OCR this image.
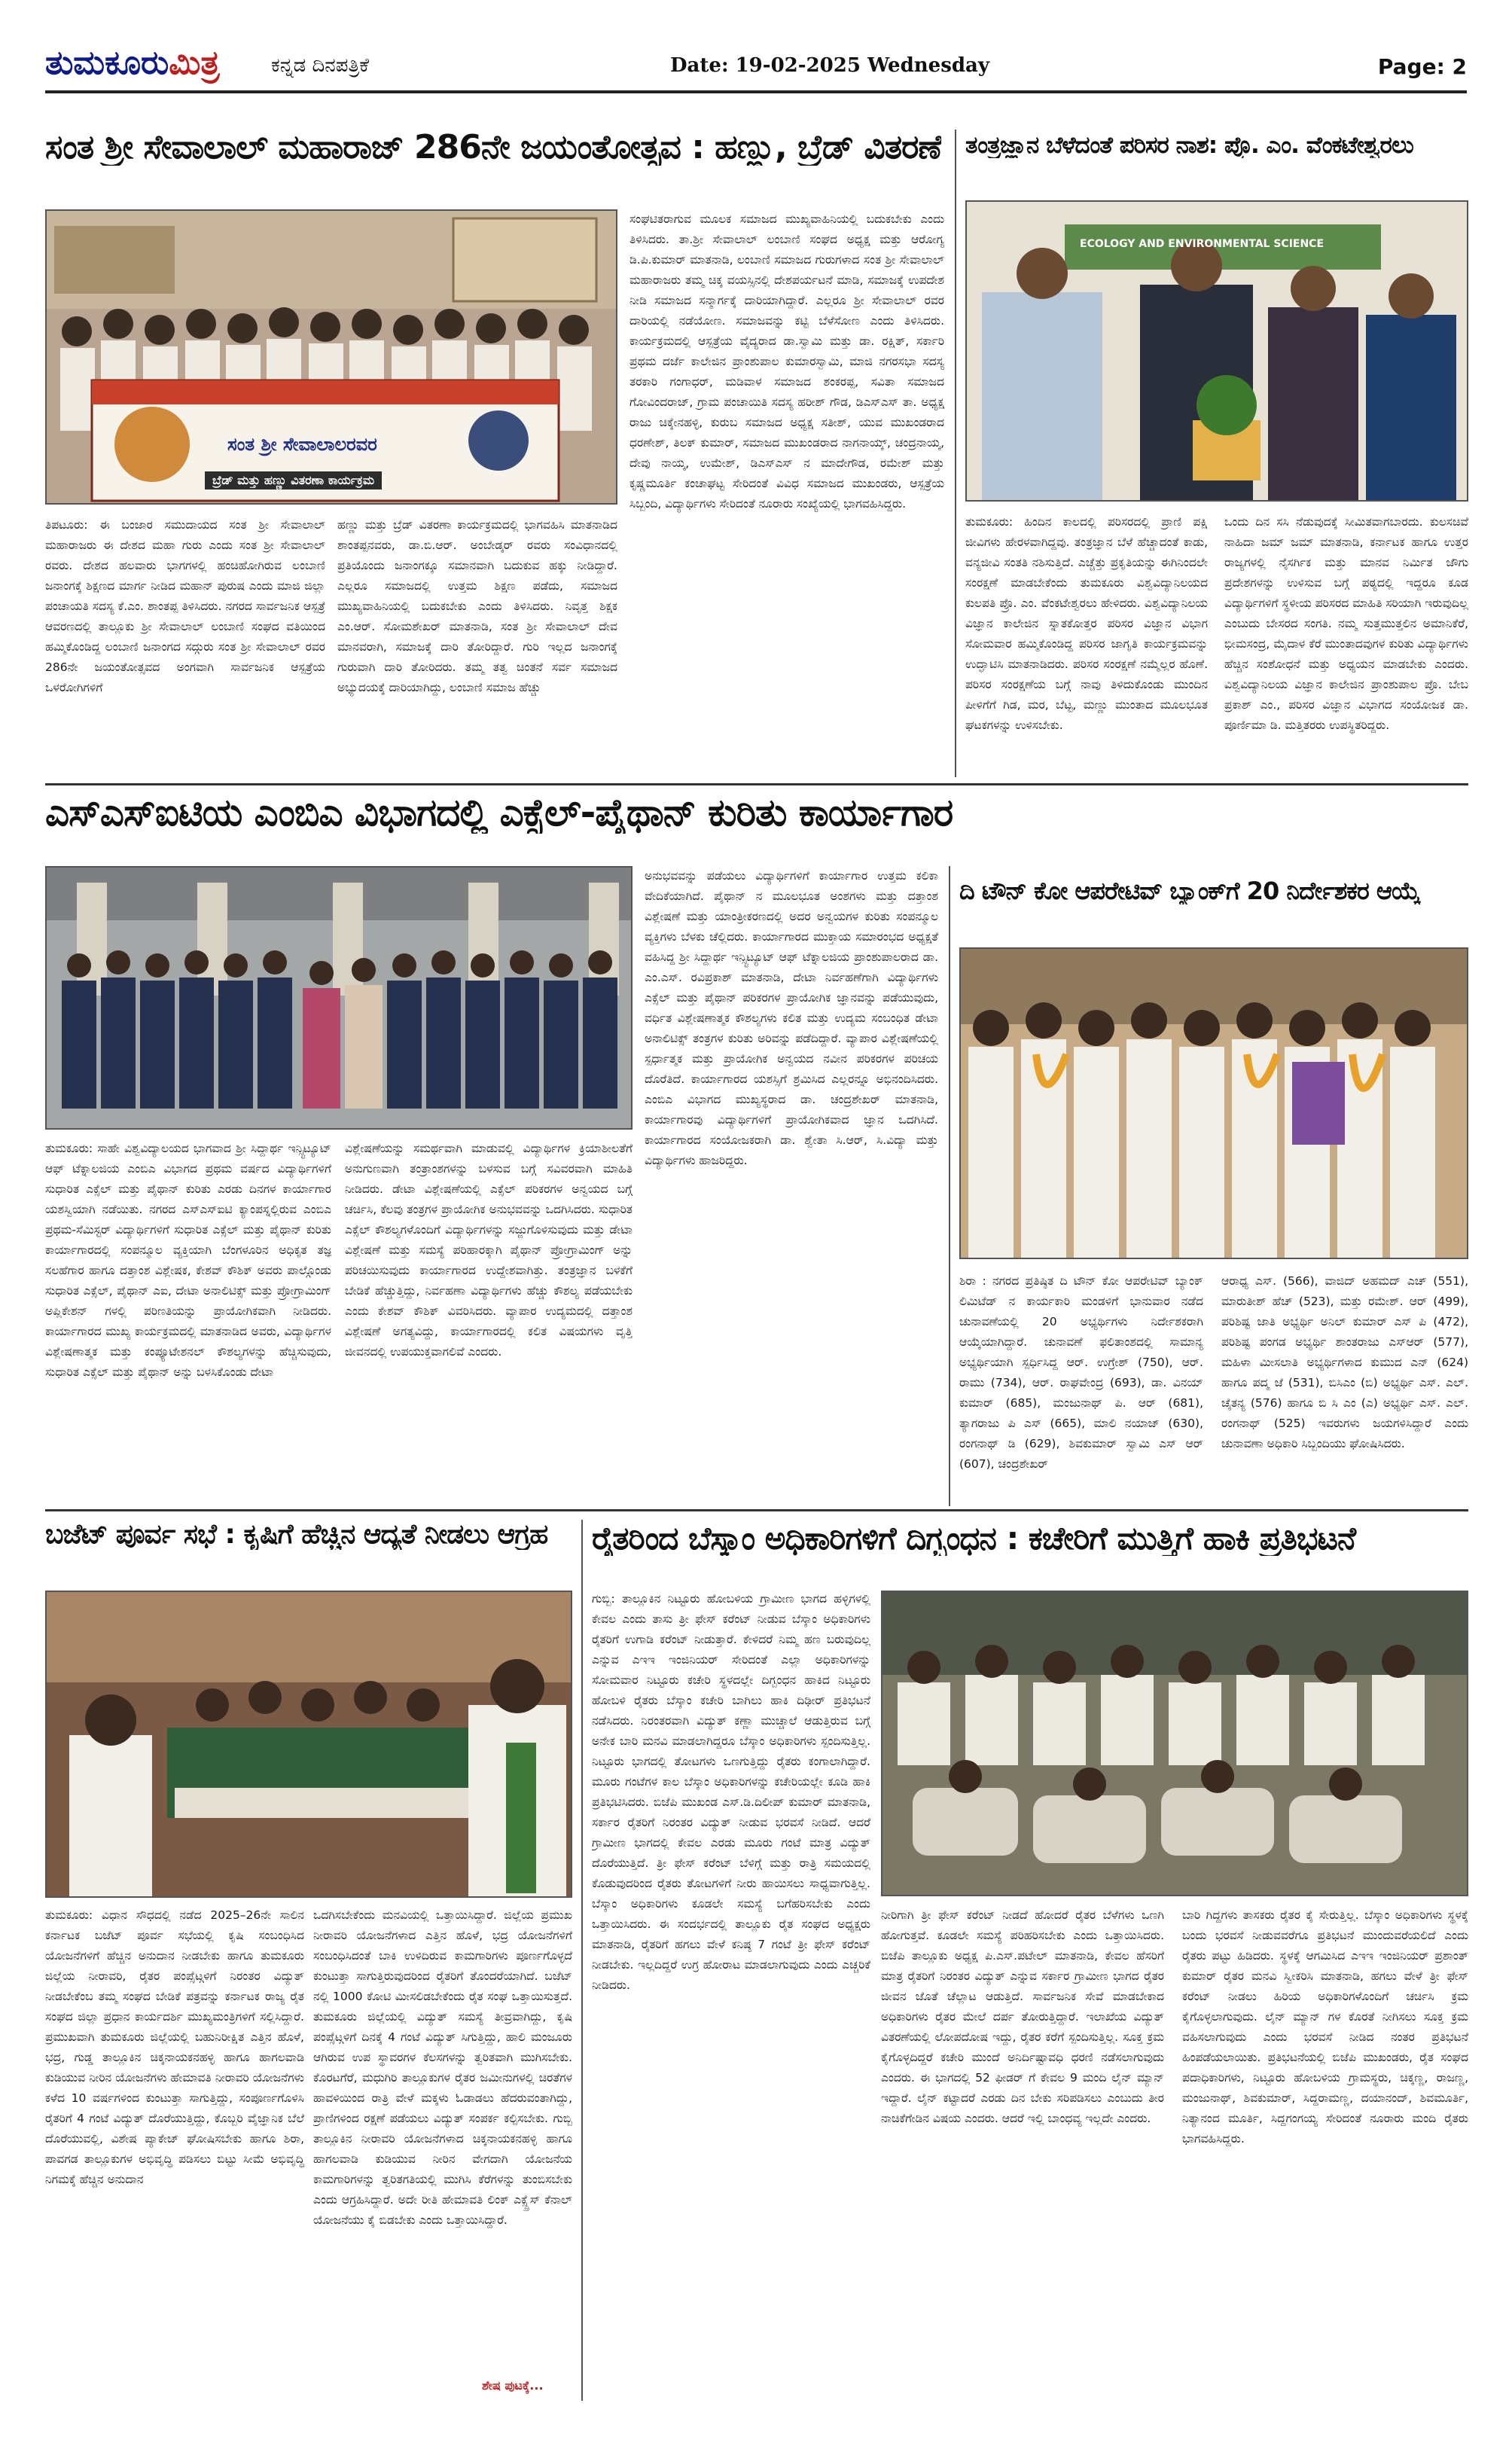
ತುಮಕೂರುಮಿತ್ರ	ಕನ್ನಡ ದಿನಪತ್ರಿಕೆ	Date: 19-02-2025 Wednesday	Page: 2
ಸಂತ ಶ್ರೀ ಸೇವಾಲಾಲ್ ಮಹಾರಾಜ್ 286ನೇ ಜಯಂತೋತ್ಸವ : ಹಣ್ಣು, ಬ್ರೆಡ್ ವಿತರಣೆ
ಸಂತ ಶ್ರೀ ಸೇವಾಲಾಲರವರ
ಬ್ರೆಡ್ ಮತ್ತು ಹಣ್ಣು ವಿತರಣಾ ಕಾರ್ಯಕ್ರಮ
ತಿಪಟೂರು: ಈ ಬಂಜಾರ ಸಮುದಾಯದ ಸಂತ ಶ್ರೀ ಸೇವಾಲಾಲ್ ಮಹಾರಾಜರು ಈ ದೇಶದ ಮಹಾ ಗುರು ಎಂದು ಸಂತ ಶ್ರೀ ಸೇವಾಲಾಲ್ ರವರು. ದೇಶದ ಹಲವಾರು ಭಾಗಗಳಲ್ಲಿ ಹಂಚಿಹೋಗಿರುವ ಲಂಬಾಣಿ ಜನಾಂಗಕ್ಕೆ ಶಿಕ್ಷಣದ ಮಾರ್ಗ ನೀಡಿದ ಮಹಾನ್ ಪುರುಷ ಎಂದು ಮಾಜಿ ಜಿಲ್ಲಾ ಪಂಚಾಯತಿ ಸದಸ್ಯ ಕೆ.ಎಂ. ಶಾಂತಪ್ಪ ತಿಳಿಸಿದರು. ನಗರದ ಸಾರ್ವಜನಿಕ ಆಸ್ಪತ್ರೆ ಆವರಣದಲ್ಲಿ ತಾಲ್ಲೂಕು ಶ್ರೀ ಸೇವಾಲಾಲ್ ಲಂಬಾಣಿ ಸಂಘದ ವತಿಯಿಂದ ಹಮ್ಮಿಕೊಂಡಿದ್ದ ಲಂಬಾಣಿ ಜನಾಂಗದ ಸದ್ಗುರು ಸಂತ ಶ್ರೀ ಸೇವಾಲಾಲ್ ರವರ 286ನೇ ಜಯಂತೋತ್ಸವದ ಅಂಗವಾಗಿ ಸಾರ್ವಜನಿಕ ಆಸ್ಪತ್ರೆಯ ಒಳರೋಗಿಗಳಿಗೆ
ಹಣ್ಣು ಮತ್ತು ಬ್ರೆಡ್ ವಿತರಣಾ ಕಾರ್ಯಕ್ರಮದಲ್ಲಿ ಭಾಗವಹಿಸಿ ಮಾತನಾಡಿದ ಶಾಂತಪ್ಪನವರು, ಡಾ.ಬಿ.ಆರ್. ಅಂಬೇಡ್ಕರ್ ರವರು ಸಂವಿಧಾನದಲ್ಲಿ ಪ್ರತಿಯೊಂದು ಜನಾಂಗಕ್ಕೂ ಸಮಾನವಾಗಿ ಬದುಕುವ ಹಕ್ಕು ನೀಡಿದ್ದಾರೆ. ಎಲ್ಲರೂ ಸಮಾಜದಲ್ಲಿ ಉತ್ತಮ ಶಿಕ್ಷಣ ಪಡೆದು, ಸಮಾಜದ ಮುಖ್ಯವಾಹಿನಿಯಲ್ಲಿ ಬದುಕಬೇಕು ಎಂದು ತಿಳಿಸಿದರು. ನಿವೃತ್ತ ಶಿಕ್ಷಕ ಎಂ.ಆರ್. ಸೋಮಶೇಖರ್ ಮಾತನಾಡಿ, ಸಂತ ಶ್ರೀ ಸೇವಾಲಾಲ್ ದೇವ ಮಾನವರಾಗಿ, ಸಮಾಜಕ್ಕೆ ದಾರಿ ತೋರಿದ್ದಾರೆ. ಗುರಿ ಇಲ್ಲದ ಜನಾಂಗಕ್ಕೆ ಗುರುವಾಗಿ ದಾರಿ ತೋರಿದರು. ತಮ್ಮ ತತ್ವ ಚಿಂತನೆ ಸರ್ವ ಸಮಾಜದ ಅಭ್ಯುದಯಕ್ಕೆ ದಾರಿಯಾಗಿದ್ದು, ಲಂಬಾಣಿ ಸಮಾಜ ಹೆಚ್ಚು
ಸಂಘಟಿತರಾಗುವ ಮೂಲಕ ಸಮಾಜದ ಮುಖ್ಯವಾಹಿನಿಯಲ್ಲಿ ಬದುಕಬೇಕು ಎಂದು ತಿಳಿಸಿದರು. ತಾ.ಶ್ರೀ ಸೇವಾಲಾಲ್ ಲಂಬಾಣಿ ಸಂಘದ ಅಧ್ಯಕ್ಷ ಮತ್ತು ಆರೋಗ್ಯ ಡಿ.ಪಿ.ಕುಮಾರ್ ಮಾತನಾಡಿ, ಲಂಬಾಣಿ ಸಮಾಜದ ಗುರುಗಳಾದ ಸಂತ ಶ್ರೀ ಸೇವಾಲಾಲ್ ಮಹಾರಾಜರು ತಮ್ಮ ಚಿಕ್ಕ ವಯಸ್ಸಿನಲ್ಲಿ ದೇಶಪರ್ಯಟನೆ ಮಾಡಿ, ಸಮಾಜಕ್ಕೆ ಉಪದೇಶ ನೀಡಿ ಸಮಾಜದ ಸನ್ಮಾರ್ಗಕ್ಕೆ ದಾರಿಯಾಗಿದ್ದಾರೆ. ಎಲ್ಲರೂ ಶ್ರೀ ಸೇವಾಲಾಲ್ ರವರ ದಾರಿಯಲ್ಲಿ ನಡೆಯೋಣ. ಸಮಾಜವನ್ನು ಕಟ್ಟಿ ಬೆಳೆಸೋಣ ಎಂದು ತಿಳಿಸಿದರು. ಕಾರ್ಯಕ್ರಮದಲ್ಲಿ ಆಸ್ಪತ್ರೆಯ ವೈದ್ಯರಾದ ಡಾ.ಸ್ವಾಮಿ ಮತ್ತು ಡಾ. ರಕ್ಷಿತ್, ಸರ್ಕಾರಿ ಪ್ರಥಮ ದರ್ಜೆ ಕಾಲೇಜಿನ ಪ್ರಾಂಶುಪಾಲ ಕುಮಾರಸ್ವಾಮಿ, ಮಾಜಿ ನಗರಸಭಾ ಸದಸ್ಯ ತರಕಾರಿ ಗಂಗಾಧರ್, ಮಡಿವಾಳ ಸಮಾಜದ ಶಂಕರಪ್ಪ, ಸವಿತಾ ಸಮಾಜದ ಗೋವಿಂದರಾಜ್, ಗ್ರಾಮ ಪಂಚಾಯಿತಿ ಸದಸ್ಯ ಹರೀಶ್ ಗೌಡ, ಡಿಎಸ್ಎಸ್ ತಾ. ಅಧ್ಯಕ್ಷ ರಾಜು ಚಿಕ್ಕೇನಹಳ್ಳಿ, ಕುರುಬ ಸಮಾಜದ ಅಧ್ಯಕ್ಷ ಸತೀಶ್, ಯುವ ಮುಖಂಡರಾದ ಧರಣೇಶ್, ತಿಲಕ್ ಕುಮಾರ್, ಸಮಾಜದ ಮುಖಂಡರಾದ ನಾಗನಾಯ್ಕ್, ಚಂದ್ರನಾಯ್ಕ, ದೇವು ನಾಯ್ಕ, ಉಮೇಶ್, ಡಿಎಸ್ಎಸ್ ನ ಮಾದೇಗೌಡ, ರಮೇಶ್ ಮತ್ತು ಕೃಷ್ಣಮೂರ್ತಿ ಕಂಚಾಘಟ್ಟ ಸೇರಿದಂತೆ ವಿವಿಧ ಸಮಾಜದ ಮುಖಂಡರು, ಆಸ್ಪತ್ರೆಯ ಸಿಬ್ಬಂದಿ, ವಿದ್ಯಾರ್ಥಿಗಳು ಸೇರಿದಂತೆ ನೂರಾರು ಸಂಖ್ಯೆಯಲ್ಲಿ ಭಾಗವಹಿಸಿದ್ದರು.
ತಂತ್ರಜ್ಞಾನ ಬೆಳೆದಂತೆ ಪರಿಸರ ನಾಶ: ಪ್ರೊ. ಎಂ. ವೆಂಕಟೇಶ್ವರಲು
ECOLOGY AND ENVIRONMENTAL SCIENCE
ತುಮಕೂರು: ಹಿಂದಿನ ಕಾಲದಲ್ಲಿ ಪರಿಸರದಲ್ಲಿ ಪ್ರಾಣಿ ಪಕ್ಷಿ ಜೀವಿಗಳು ಹೇರಳವಾಗಿದ್ದವು. ತಂತ್ರಜ್ಞಾನ ಬೆಳೆ ಹೆಚ್ಚಾದಂತೆ ಕಾಡು, ವನ್ಯಜೀವಿ ಸಂತತಿ ನಶಿಸುತ್ತಿದೆ. ಎಚ್ಚೆತ್ತು ಪ್ರಕೃತಿಯನ್ನು ಈಗಿನಿಂದಲೇ ಸಂರಕ್ಷಣೆ ಮಾಡಬೇಕೆಂದು ತುಮಕೂರು ವಿಶ್ವವಿದ್ಯಾನಿಲಯದ ಕುಲಪತಿ ಪ್ರೊ. ಎಂ. ವೆಂಕಟೇಶ್ವರಲು ಹೇಳಿದರು. ವಿಶ್ವವಿದ್ಯಾನಿಲಯ ವಿಜ್ಞಾನ ಕಾಲೇಜಿನ ಸ್ನಾತಕೋತ್ತರ ಪರಿಸರ ವಿಜ್ಞಾನ ವಿಭಾಗ ಸೋಮವಾರ ಹಮ್ಮಿಕೊಂಡಿದ್ದ ಪರಿಸರ ಜಾಗೃತಿ ಕಾರ್ಯಕ್ರಮವನ್ನು ಉದ್ಘಾಟಿಸಿ ಮಾತನಾಡಿದರು. ಪರಿಸರ ಸಂರಕ್ಷಣೆ ನಮ್ಮೆಲ್ಲರ ಹೊಣೆ. ಪರಿಸರ ಸಂರಕ್ಷಣೆಯ ಬಗ್ಗೆ ನಾವು ತಿಳಿದುಕೊಂಡು ಮುಂದಿನ ಪೀಳಿಗೆಗೆ ಗಿಡ, ಮರ, ಬೆಟ್ಟ, ಮಣ್ಣು ಮುಂತಾದ ಮೂಲಭೂತ ಘಟಕಗಳನ್ನು ಉಳಿಸಬೇಕು.
ಒಂದು ದಿನ ಸಸಿ ನೆಡುವುದಕ್ಕೆ ಸೀಮಿತವಾಗಬಾರದು. ಕುಲಸಚಿವೆ ನಾಹಿದಾ ಜಮ್ ಜಮ್ ಮಾತನಾಡಿ, ಕರ್ನಾಟಕ ಹಾಗೂ ಉತ್ತರ ರಾಜ್ಯಗಳಲ್ಲಿ ನೈಸರ್ಗಿಕ ಮತ್ತು ಮಾನವ ನಿರ್ಮಿತ ಜೌಗು ಪ್ರದೇಶಗಳನ್ನು ಉಳಿಸುವ ಬಗ್ಗೆ ಪಠ್ಯದಲ್ಲಿ ಇದ್ದರೂ ಕೂಡ ವಿದ್ಯಾರ್ಥಿಗಳಿಗೆ ಸ್ಥಳೀಯ ಪರಿಸರದ ಮಾಹಿತಿ ಸರಿಯಾಗಿ ಇರುವುದಿಲ್ಲ ಎಂಬುದು ಬೇಸರದ ಸಂಗತಿ. ನಮ್ಮ ಸುತ್ತಮುತ್ತಲಿನ ಅಮಾನಿಕೆರೆ, ಭೀಮಸಂದ್ರ, ಮೈದಾಳ ಕೆರೆ ಮುಂತಾದವುಗಳ ಕುರಿತು ವಿದ್ಯಾರ್ಥಿಗಳು ಹೆಚ್ಚಿನ ಸಂಶೋಧನೆ ಮತ್ತು ಅಧ್ಯಯನ ಮಾಡಬೇಕು ಎಂದರು. ವಿಶ್ವವಿದ್ಯಾನಿಲಯ ವಿಜ್ಞಾನ ಕಾಲೇಜಿನ ಪ್ರಾಂಶುಪಾಲ ಪ್ರೊ. ಬೇಬ ಪ್ರಕಾಶ್ ಎಂ., ಪರಿಸರ ವಿಜ್ಞಾನ ವಿಭಾಗದ ಸಂಯೋಜಕ ಡಾ. ಪೂರ್ಣಿಮಾ ಡಿ. ಮತ್ತಿತರರು ಉಪಸ್ಥಿತರಿದ್ದರು.
ಎಸ್‌ಎಸ್‌ಐಟಿಯ ಎಂಬಿಎ ವಿಭಾಗದಲ್ಲಿ ಎಕ್ಸೆಲ್-ಪೈಥಾನ್ ಕುರಿತು ಕಾರ್ಯಾಗಾರ
ತುಮಕೂರು: ಸಾಹೇ ವಿಶ್ವವಿದ್ಯಾಲಯದ ಭಾಗವಾದ ಶ್ರೀ ಸಿದ್ದಾರ್ಥ ಇನ್ಸ್ಟಿಟ್ಯೂಟ್ ಆಫ್ ಟೆಕ್ನಾಲಜಿಯ ಎಂಬಿಎ ವಿಭಾಗದ ಪ್ರಥಮ ವರ್ಷದ ವಿದ್ಯಾರ್ಥಿಗಳಿಗೆ ಸುಧಾರಿತ ಎಕ್ಸೆಲ್ ಮತ್ತು ಪೈಥಾನ್ ಕುರಿತು ಎರಡು ದಿನಗಳ ಕಾರ್ಯಾಗಾರ ಯಶಸ್ವಿಯಾಗಿ ನಡೆಯಿತು. ನಗರದ ಎಸ್ಎಸ್ಐಟಿ ಕ್ಯಾಂಪಸ್ನಲ್ಲಿರುವ ಎಂಬಿಎ ಪ್ರಥಮ-ಸೆಮಿಸ್ಟರ್ ವಿದ್ಯಾರ್ಥಿಗಳಿಗೆ ಸುಧಾರಿತ ಎಕ್ಸೆಲ್ ಮತ್ತು ಪೈಥಾನ್ ಕುರಿತು ಕಾರ್ಯಾಗಾರದಲ್ಲಿ ಸಂಪನ್ಮೂಲ ವ್ಯಕ್ತಿಯಾಗಿ ಬೆಂಗಳೂರಿನ ಅಧಿಕೃತ ತಜ್ಞ ಸಲಹೆಗಾರ ಹಾಗೂ ದತ್ತಾಂಶ ವಿಶ್ಲೇಷಕ, ಕೇಶವ್ ಕೌಶಿಕ್ ಅವರು ಪಾಲ್ಗೊಂಡು ಸುಧಾರಿತ ಎಕ್ಸೆಲ್, ಪೈಥಾನ್ ಎಐ, ದೇಟಾ ಅನಾಲಿಟಿಕ್ಸ್ ಮತ್ತು ಪ್ರೋಗ್ರಾಮಿಂಗ್ ಅಪ್ಲಿಕೇಶನ್ ಗಳಲ್ಲಿ ಪರಿಣತಿಯನ್ನು ಪ್ರಾಯೋಗಿಕವಾಗಿ ನೀಡಿದರು. ಕಾರ್ಯಾಗಾರದ ಮುಖ್ಯ ಕಾರ್ಯಕ್ರಮದಲ್ಲಿ ಮಾತನಾಡಿದ ಅವರು, ವಿದ್ಯಾರ್ಥಿಗಳ ವಿಶ್ಲೇಷಣಾತ್ಮಕ ಮತ್ತು ಕಂಪ್ಯೂಟೇಶನಲ್ ಕೌಶಲ್ಯಗಳನ್ನು ಹೆಚ್ಚಿಸುವುದು, ಸುಧಾರಿತ ಎಕ್ಸೆಲ್ ಮತ್ತು ಪೈಥಾನ್ ಅನ್ನು ಬಳಸಿಕೊಂಡು ದೇಟಾ
ವಿಶ್ಲೇಷಣೆಯನ್ನು ಸಮರ್ಥವಾಗಿ ಮಾಡುವಲ್ಲಿ ವಿದ್ಯಾರ್ಥಿಗಳ ಕ್ರಿಯಾಶೀಲತೆಗೆ ಅನುಗುಣವಾಗಿ ತಂತ್ರಾಂಶಗಳನ್ನು ಬಳಸುವ ಬಗ್ಗೆ ಸವಿವರವಾಗಿ ಮಾಹಿತಿ ನೀಡಿದರು. ಡೇಟಾ ವಿಶ್ಲೇಷಣೆಯಲ್ಲಿ ಎಕ್ಸೆಲ್ ಪರಿಕರಗಳ ಅನ್ವಯದ ಬಗ್ಗೆ ಚರ್ಚಿಸಿ, ಕೆಲವು ತಂತ್ರಗಳ ಪ್ರಾಯೋಗಿಕ ಅನುಭವವನ್ನು ಒದಗಿಸಿದರು. ಸುಧಾರಿತ ಎಕ್ಸೆಲ್ ಕೌಶಲ್ಯಗಳೊಂದಿಗೆ ವಿದ್ಯಾರ್ಥಿಗಳನ್ನು ಸಜ್ಜುಗೊಳಿಸುವುದು ಮತ್ತು ಡೇಟಾ ವಿಶ್ಲೇಷಣೆ ಮತ್ತು ಸಮಸ್ಯೆ ಪರಿಹಾರಕ್ಕಾಗಿ ಪೈಥಾನ್ ಪ್ರೋಗ್ರಾಮಿಂಗ್ ಅನ್ನು ಪರಿಚಯಿಸುವುದು ಕಾರ್ಯಾಗಾರದ ಉದ್ದೇಶವಾಗಿತ್ತು. ತಂತ್ರಜ್ಞಾನ ಬಳಕೆಗೆ ಬೇಡಿಕೆ ಹೆಚ್ಚುತ್ತಿದ್ದು, ನಿರ್ವಹಣಾ ವಿದ್ಯಾರ್ಥಿಗಳು ಹೆಚ್ಚು ಕೌಶಲ್ಯ ಪಡೆಯಬೇಕು ಎಂದು ಕೇಶವ್ ಕೌಶಿಕ್ ವಿವರಿಸಿದರು. ವ್ಯಾಪಾರ ಉದ್ಯಮದಲ್ಲಿ ದತ್ತಾಂಶ ವಿಶ್ಲೇಷಣೆ ಅಗತ್ಯವಿದ್ದು, ಕಾರ್ಯಾಗಾರದಲ್ಲಿ ಕಲಿತ ವಿಷಯಗಳು ವೃತ್ತಿ ಜೀವನದಲ್ಲಿ ಉಪಯುಕ್ತವಾಗಲಿವೆ ಎಂದರು.
ಅನುಭವವನ್ನು ಪಡೆಯಲು ವಿದ್ಯಾರ್ಥಿಗಳಿಗೆ ಕಾರ್ಯಾಗಾರ ಉತ್ತಮ ಕಲಿಕಾ ವೇದಿಕೆಯಾಗಿದೆ. ಪೈಥಾನ್ ನ ಮೂಲಭೂತ ಅಂಶಗಳು ಮತ್ತು ದತ್ತಾಂಶ ವಿಶ್ಲೇಷಣೆ ಮತ್ತು ಯಾಂತ್ರೀಕರಣದಲ್ಲಿ ಅದರ ಅನ್ವಯಗಳ ಕುರಿತು ಸಂಪನ್ಮೂಲ ವ್ಯಕ್ತಿಗಳು ಬೆಳಕು ಚೆಲ್ಲಿದರು. ಕಾರ್ಯಾಗಾರದ ಮುಕ್ತಾಯ ಸಮಾರಂಭದ ಅಧ್ಯಕ್ಷತೆ ವಹಿಸಿದ್ದ ಶ್ರೀ ಸಿದ್ದಾರ್ಥ ಇನ್ಸ್ಟಿಟ್ಯೂಟ್ ಆಫ್ ಟೆಕ್ನಾಲಜಿಯ ಪ್ರಾಂಶುಪಾಲರಾದ ಡಾ. ಎಂ.ಎಸ್. ರವಿಪ್ರಕಾಶ್ ಮಾತನಾಡಿ, ದೇಟಾ ನಿರ್ವಹಣೆಗಾಗಿ ವಿದ್ಯಾರ್ಥಿಗಳು ಎಕ್ಸೆಲ್ ಮತ್ತು ಪೈಥಾನ್ ಪರಿಕರಗಳ ಪ್ರಾಯೋಗಿಕ ಜ್ಞಾನವನ್ನು ಪಡೆಯುವುದು, ವರ್ಧಿತ ವಿಶ್ಲೇಷಣಾತ್ಮಕ ಕೌಶಲ್ಯಗಳು ಕಲಿತ ಮತ್ತು ಉದ್ಯಮ ಸಂಬಂಧಿತ ಡೇಟಾ ಅನಾಲಿಟಿಕ್ಸ್ ತಂತ್ರಗಳ ಕುರಿತು ಅರಿವನ್ನು ಪಡೆದಿದ್ದಾರೆ. ವ್ಯಾಪಾರ ವಿಶ್ಲೇಷಣೆಯಲ್ಲಿ ಸ್ಪರ್ಧಾತ್ಮಕ ಮತ್ತು ಪ್ರಾಯೋಗಿಕ ಅನ್ವಯದ ನವೀನ ಪರಿಕರಗಳ ಪರಿಚಯ ದೊರೆತಿದೆ. ಕಾರ್ಯಾಗಾರದ ಯಶಸ್ಸಿಗೆ ಶ್ರಮಿಸಿದ ಎಲ್ಲರನ್ನೂ ಅಭಿನಂದಿಸಿದರು. ಎಂಬಿಎ ವಿಭಾಗದ ಮುಖ್ಯಸ್ಥರಾದ ಡಾ. ಚಂದ್ರಶೇಖರ್ ಮಾತನಾಡಿ, ಕಾರ್ಯಾಗಾರವು ವಿದ್ಯಾರ್ಥಿಗಳಿಗೆ ಪ್ರಾಯೋಗಿಕವಾದ ಜ್ಞಾನ ಒದಗಿಸಿದೆ. ಕಾರ್ಯಾಗಾರದ ಸಂಯೋಜಕರಾಗಿ ಡಾ. ಶ್ವೇತಾ ಸಿ.ಆರ್, ಸಿ.ವಿದ್ಯಾ ಮತ್ತು ವಿದ್ಯಾರ್ಥಿಗಳು ಹಾಜರಿದ್ದರು.
ದಿ ಟೌನ್ ಕೋ ಆಪರೇಟಿವ್ ಬ್ಯಾಂಕ್‌ಗೆ 20 ನಿರ್ದೇಶಕರ ಆಯ್ಕೆ
ಶಿರಾ : ನಗರದ ಪ್ರತಿಷ್ಠಿತ ದಿ ಟೌನ್ ಕೋ ಆಪರೇಟಿವ್ ಬ್ಯಾಂಕ್ ಲಿಮಿಟೆಡ್ ನ ಕಾರ್ಯಕಾರಿ ಮಂಡಳಿಗೆ ಭಾನುವಾರ ನಡೆದ ಚುನಾವಣೆಯಲ್ಲಿ 20 ಅಭ್ಯರ್ಥಿಗಳು ನಿರ್ದೇಶಕರಾಗಿ ಆಯ್ಕೆಯಾಗಿದ್ದಾರೆ. ಚುನಾವಣೆ ಫಲಿತಾಂಶದಲ್ಲಿ ಸಾಮಾನ್ಯ ಅಭ್ಯರ್ಥಿಯಾಗಿ ಸ್ಪರ್ಧಿಸಿದ್ದ ಆರ್. ಉಗ್ರೇಶ್ (750), ಆರ್. ರಾಮು (734), ಆರ್. ರಾಘವೇಂದ್ರ (693), ಡಾ. ವಿನಯ್ ಕುಮಾರ್ (685), ಮಂಜುನಾಥ್ ಪಿ. ಆರ್ (681), ತ್ಯಾಗರಾಜು ಪಿ ಎಸ್ (665), ಮಾಲಿ ನಯಾಜ್ (630), ರಂಗನಾಥ್ ಡಿ (629), ಶಿವಕುಮಾರ್ ಸ್ವಾಮಿ ಎಸ್ ಆರ್ (607), ಚಂದ್ರಶೇಖರ್
ಆರಾಧ್ಯ ಎಸ್. (566), ವಾಜಿದ್ ಅಹಮದ್ ಎಚ್ (551), ಮಾರುತೀಶ್ ಹೆಚ್ (523), ಮತ್ತು ರಮೇಶ್. ಆರ್ (499), ಪರಿಶಿಷ್ಟ ಜಾತಿ ಅಭ್ಯರ್ಥಿ ಅನಿಲ್ ಕುಮಾರ್ ಎಸ್ ಪಿ (472), ಪರಿಶಿಷ್ಟ ಪಂಗಡ ಅಭ್ಯರ್ಥಿ ಶಾಂತರಾಜು ಎಸ್ಆರ್ (577), ಮಹಿಳಾ ಮೀಸಲಾತಿ ಅಭ್ಯರ್ಥಿಗಳಾದ ಕುಮುದ ಎನ್ (624) ಹಾಗೂ ಪದ್ಮ ಜೆ (531), ಬಿಸಿಎಂ (ಬಿ) ಅಭ್ಯರ್ಥಿ ಎಸ್. ಎಲ್. ಚೈತನ್ಯ (576) ಹಾಗೂ ಬಿ ಸಿ ಎಂ (ಎ) ಅಭ್ಯರ್ಥಿ ಎಸ್. ಎಲ್. ರಂಗನಾಥ್ (525) ಇವರುಗಳು ಜಯಗಳಿಸಿದ್ದಾರೆ ಎಂದು ಚುನಾವಣಾ ಅಧಿಕಾರಿ ಸಿಬ್ಬಂದಿಯು ಘೋಷಿಸಿದರು.
ಬಜೆಟ್ ಪೂರ್ವ ಸಭೆ : ಕೃಷಿಗೆ ಹೆಚ್ಚಿನ ಆದ್ಯತೆ ನೀಡಲು ಆಗ್ರಹ
ತುಮಕೂರು: ವಿಧಾನ ಸೌಧದಲ್ಲಿ ನಡೆದ 2025–26ನೇ ಸಾಲಿನ ಕರ್ನಾಟಕ ಬಜೆಟ್ ಪೂರ್ವ ಸಭೆಯಲ್ಲಿ ಕೃಷಿ ಸಂಬಂಧಿಸಿದ ಯೋಜನೆಗಳಿಗೆ ಹೆಚ್ಚಿನ ಅನುದಾನ ನೀಡಬೇಕು ಹಾಗೂ ತುಮಕೂರು ಜಿಲ್ಲೆಯ ನೀರಾವರಿ, ರೈತರ ಪಂಪ್ಸೆಟ್ಗಳಿಗೆ ನಿರಂತರ ವಿದ್ಯುತ್ ನೀಡಬೇಕೆಂಬ ತಮ್ಮ ಸಂಘದ ಬೇಡಿಕೆ ಪತ್ರವನ್ನು ಕರ್ನಾಟಕ ರಾಜ್ಯ ರೈತ ಸಂಘದ ಜಿಲ್ಲಾ ಪ್ರಧಾನ ಕಾರ್ಯದರ್ಶಿ ಮುಖ್ಯಮಂತ್ರಿಗಳಿಗೆ ಸಲ್ಲಿಸಿದ್ದಾರೆ. ಪ್ರಮುಖವಾಗಿ ತುಮಕೂರು ಜಿಲ್ಲೆಯಲ್ಲಿ ಬಹುನಿರೀಕ್ಷಿತ ಎತ್ತಿನ ಹೊಳೆ, ಭದ್ರ, ಗುಡ್ಡ ತಾಲ್ಲೂಕಿನ ಚಿಕ್ಕನಾಯಕನಹಳ್ಳಿ ಹಾಗೂ ಹಾಗಲವಾಡಿ ಕುಡಿಯುವ ನೀರಿನ ಯೋಜನೆಗಳು ಹೇಮಾವತಿ ನೀರಾವರಿ ಯೋಜನೆಗಳು ಕಳೆದ 10 ವರ್ಷಗಳಿಂದ ಕುಂಟುತ್ತಾ ಸಾಗುತ್ತಿದ್ದು, ಸಂಪೂರ್ಣಗೊಳಿಸಿ ರೈತರಿಗೆ 4 ಗಂಟೆ ವಿದ್ಯುತ್ ದೊರೆಯುತ್ತಿದ್ದು, ಕೊಬ್ಬರಿ ವೈಜ್ಞಾನಿಕ ಬೆಲೆ ದೊರೆಯುವಲ್ಲಿ, ವಿಶೇಷ ಪ್ಯಾಕೇಜ್ ಘೋಷಿಸಬೇಕು ಹಾಗೂ ಶಿರಾ, ಪಾವಗಡ ತಾಲ್ಲೂಕುಗಳ ಅಭಿವೃದ್ಧಿ ಪಡಿಸಲು ಬಿಟ್ಟು ಸೀಮೆ ಅಭಿವೃದ್ಧಿ ನಿಗಮಕ್ಕೆ ಹೆಚ್ಚಿನ ಅನುದಾನ
ಒದಗಿಸಬೇಕೆಂದು ಮನವಿಯಲ್ಲಿ ಒತ್ತಾಯಿಸಿದ್ದಾರೆ. ಜಿಲ್ಲೆಯ ಪ್ರಮುಖ ನೀರಾವರಿ ಯೋಜನೆಗಳಾದ ಎತ್ತಿನ ಹೊಳೆ, ಭದ್ರ ಯೋಜನೆಗಳಿಗೆ ಸಂಬಂಧಿಸಿದಂತೆ ಬಾಕಿ ಉಳಿದಿರುವ ಕಾಮಗಾರಿಗಳು ಪೂರ್ಣಗೊಳ್ಳದೆ ಕುಂಟುತ್ತಾ ಸಾಗುತ್ತಿರುವುದರಿಂದ ರೈತರಿಗೆ ತೊಂದರೆಯಾಗಿದೆ. ಬಜೆಟ್ ನಲ್ಲಿ 1000 ಕೋಟಿ ಮೀಸಲಿಡಬೇಕೆಂದು ರೈತ ಸಂಘ ಒತ್ತಾಯಿಸುತ್ತದೆ. ತುಮಕೂರು ಜಿಲ್ಲೆಯಲ್ಲಿ ವಿದ್ಯುತ್ ಸಮಸ್ಯೆ ತೀವ್ರವಾಗಿದ್ದು, ಕೃಷಿ ಪಂಪ್ಸೆಟ್ಗಳಿಗೆ ದಿನಕ್ಕೆ 4 ಗಂಟೆ ವಿದ್ಯುತ್ ಸಿಗುತ್ತಿದ್ದು, ಹಾಲಿ ಮಂಜೂರು ಆಗಿರುವ ಉಪ ಸ್ಥಾವರಗಳ ಕೆಲಸಗಳನ್ನು ತ್ವರಿತವಾಗಿ ಮುಗಿಸಬೇಕು. ಕೊರಟಗೆರೆ, ಮಧುಗಿರಿ ತಾಲ್ಲೂಕುಗಳ ರೈತರ ಜಮೀನುಗಳಲ್ಲಿ ಚಿರತೆಗಳ ಹಾವಳಿಯಿಂದ ರಾತ್ರಿ ವೇಳೆ ಮಕ್ಕಳು ಓಡಾಡಲು ಹೆದರುವಂತಾಗಿದ್ದು, ಪ್ರಾಣಿಗಳಿಂದ ರಕ್ಷಣೆ ಪಡೆಯಲು ವಿದ್ಯುತ್ ಸಂಪರ್ಕ ಕಲ್ಪಿಸಬೇಕು. ಗುಬ್ಬಿ ತಾಲ್ಲೂಕಿನ ನೀರಾವರಿ ಯೋಜನೆಗಳಾದ ಚಿಕ್ಕನಾಯಕನಹಳ್ಳಿ ಹಾಗೂ ಹಾಗಲವಾಡಿ ಕುಡಿಯುವ ನೀರಿನ ವೇಗದಾಗಿ ಯೋಜನೆಯ ಕಾಮಗಾರಿಗಳನ್ನು ತ್ವರಿತಗತಿಯಲ್ಲಿ ಮುಗಿಸಿ ಕೆರೆಗಳನ್ನು ತುಂಬಿಸಬೇಕು ಎಂದು ಆಗ್ರಹಿಸಿದ್ದಾರೆ. ಅದೇ ರೀತಿ ಹೇಮಾವತಿ ಲಿಂಕ್ ಎಕ್ಸ್ಪ್ರೆಸ್ ಕೆನಾಲ್ ಯೋಜನೆಯು ಕೈ ಬಿಡಬೇಕು ಎಂದು ಒತ್ತಾಯಿಸಿದ್ದಾರೆ.
ಶೇಷ ಪುಟಕ್ಕೆ...
ರೈತರಿಂದ ಬೆಸ್ಕಾಂ ಅಧಿಕಾರಿಗಳಿಗೆ ದಿಗ್ಬಂಧನ : ಕಚೇರಿಗೆ ಮುತ್ತಿಗೆ ಹಾಕಿ ಪ್ರತಿಭಟನೆ
ಗುಬ್ಬಿ: ತಾಲ್ಲೂಕಿನ ನಿಟ್ಟೂರು ಹೋಬಳಿಯ ಗ್ರಾಮೀಣ ಭಾಗದ ಹಳ್ಳಿಗಳಲ್ಲಿ ಕೇವಲ ಎಂದು ತಾಸು ತ್ರೀ ಫೇಸ್ ಕರೆಂಟ್ ನೀಡುವ ಬೆಸ್ಕಾಂ ಅಧಿಕಾರಿಗಳು ರೈತರಿಗೆ ಉಗಾಡಿ ಕರೆಂಟ್ ನೀಡುತ್ತಾರೆ. ಕೇಳಿದರೆ ನಿಮ್ಮ ಹಣ ಬರುವುದಿಲ್ಲ ಎನ್ನುವ ಎಇಇ ಇಂಜಿನಿಯರ್ ಸೇರಿದಂತೆ ಎಲ್ಲಾ ಅಧಿಕಾರಿಗಳನ್ನು ಸೋಮವಾರ ನಿಟ್ಟೂರು ಕಚೇರಿ ಸ್ಥಳದಲ್ಲೇ ದಿಗ್ಬಂಧನ ಹಾಕಿದ ನಿಟ್ಟೂರು ಹೋಬಳಿ ರೈತರು ಬೆಸ್ಕಾಂ ಕಚೇರಿ ಬಾಗಿಲು ಹಾಕಿ ದಿಢೀರ್ ಪ್ರತಿಭಟನೆ ನಡೆಸಿದರು. ನಿರಂತರವಾಗಿ ವಿದ್ಯುತ್ ಕಣ್ಣಾ ಮುಚ್ಚಾಲೆ ಆಡುತ್ತಿರುವ ಬಗ್ಗೆ ಅನೇಕ ಬಾರಿ ಮನವಿ ಮಾಡಲಾಗಿದ್ದರೂ ಬೆಸ್ಕಾಂ ಅಧಿಕಾರಿಗಳು ಸ್ಪಂದಿಸುತ್ತಿಲ್ಲ. ನಿಟ್ಟೂರು ಭಾಗದಲ್ಲಿ ತೋಟಗಳು ಒಣಗುತ್ತಿದ್ದು ರೈತರು ಕಂಗಾಲಾಗಿದ್ದಾರೆ. ಮೂರು ಗಂಟೆಗಳ ಕಾಲ ಬೆಸ್ಕಾಂ ಅಧಿಕಾರಿಗಳನ್ನು ಕಚೇರಿಯಲ್ಲೇ ಕೂಡಿ ಹಾಕಿ ಪ್ರತಿಭಟಿಸಿದರು. ಬಿಜೆಪಿ ಮುಖಂಡ ಎಸ್.ಡಿ.ದಿಲೀಪ್ ಕುಮಾರ್ ಮಾತನಾಡಿ, ಸರ್ಕಾರ ರೈತರಿಗೆ ನಿರಂತರ ವಿದ್ಯುತ್ ನೀಡುವ ಭರವಸೆ ನೀಡಿದೆ. ಆದರೆ ಗ್ರಾಮೀಣ ಭಾಗದಲ್ಲಿ ಕೇವಲ ಎರಡು ಮೂರು ಗಂಟೆ ಮಾತ್ರ ವಿದ್ಯುತ್ ದೊರೆಯುತ್ತಿದೆ. ತ್ರೀ ಫೇಸ್ ಕರೆಂಟ್ ಬೆಳಿಗ್ಗೆ ಮತ್ತು ರಾತ್ರಿ ಸಮಯದಲ್ಲಿ ಕೊಡುವುದರಿಂದ ರೈತರು ತೋಟಗಳಿಗೆ ನೀರು ಹಾಯಿಸಲು ಸಾಧ್ಯವಾಗುತ್ತಿಲ್ಲ. ಬೆಸ್ಕಾಂ ಅಧಿಕಾರಿಗಳು ಕೂಡಲೇ ಸಮಸ್ಯೆ ಬಗೆಹರಿಸಬೇಕು ಎಂದು ಒತ್ತಾಯಿಸಿದರು. ಈ ಸಂದರ್ಭದಲ್ಲಿ ತಾಲ್ಲೂಕು ರೈತ ಸಂಘದ ಅಧ್ಯಕ್ಷರು ಮಾತನಾಡಿ, ರೈತರಿಗೆ ಹಗಲು ವೇಳೆ ಕನಿಷ್ಠ 7 ಗಂಟೆ ತ್ರೀ ಫೇಸ್ ಕರೆಂಟ್ ನೀಡಬೇಕು. ಇಲ್ಲದಿದ್ದರೆ ಉಗ್ರ ಹೋರಾಟ ಮಾಡಲಾಗುವುದು ಎಂದು ಎಚ್ಚರಿಕೆ ನೀಡಿದರು.
ನೀರಿಗಾಗಿ ತ್ರೀ ಫೇಸ್ ಕರೆಂಟ್ ನೀಡದೆ ಹೋದರೆ ರೈತರ ಬೆಳೆಗಳು ಒಣಗಿ ಹೋಗುತ್ತವೆ. ಕೂಡಲೇ ಸಮಸ್ಯೆ ಪರಿಹರಿಸಬೇಕು ಎಂದು ಒತ್ತಾಯಿಸಿದರು. ಬಿಜೆಪಿ ತಾಲ್ಲೂಕು ಅಧ್ಯಕ್ಷ ಪಿ.ಎಸ್.ಪಟೇಲ್ ಮಾತನಾಡಿ, ಕೇವಲ ಹೆಸರಿಗೆ ಮಾತ್ರ ರೈತರಿಗೆ ನಿರಂತರ ವಿದ್ಯುತ್ ಎನ್ನುವ ಸರ್ಕಾರ ಗ್ರಾಮೀಣ ಭಾಗದ ರೈತರ ಜೀವನ ಜೊತೆ ಚೆಲ್ಲಾಟ ಆಡುತ್ತಿದೆ. ಸಾರ್ವಜನಿಕ ಸೇವೆ ಮಾಡಬೇಕಾದ ಅಧಿಕಾರಿಗಳು ರೈತರ ಮೇಲೆ ದರ್ಪ ತೋರುತ್ತಿದ್ದಾರೆ. ಇಲಾಖೆಯ ವಿದ್ಯುತ್ ವಿತರಣೆಯಲ್ಲಿ ಲೋಪದೋಷ ಇದ್ದು, ರೈತರ ಕರೆಗೆ ಸ್ಪಂದಿಸುತ್ತಿಲ್ಲ. ಸೂಕ್ತ ಕ್ರಮ ಕೈಗೊಳ್ಳದಿದ್ದರೆ ಕಚೇರಿ ಮುಂದೆ ಅನಿರ್ದಿಷ್ಟಾವಧಿ ಧರಣಿ ನಡೆಸಲಾಗುವುದು ಎಂದರು. ಈ ಭಾಗದಲ್ಲಿ 52 ಫೀಡರ್ ಗೆ ಕೇವಲ 9 ಮಂದಿ ಲೈನ್ ಮ್ಯಾನ್ ಇದ್ದಾರೆ. ಲೈನ್ ಕಟ್ಟಾದರೆ ಎರಡು ದಿನ ಬೇಕು ಸರಿಪಡಿಸಲು ಎಂಬುದು ತೀರ ನಾಚಿಕೆಗೇಡಿನ ವಿಷಯ ಎಂದರು. ಆದರೆ ಇಲ್ಲಿ ಬಾಂಧವ್ಯ ಇಲ್ಲದೇ ಎಂದರು.
ಬಾರಿ ಗಿದ್ದಗಳು ತಾಸಕರು ರೈತರ ಕೈ ಸೇರುತ್ತಿಲ್ಲ. ಬೆಸ್ಕಾಂ ಅಧಿಕಾರಿಗಳು ಸ್ಥಳಕ್ಕೆ ಬಂದು ಭರವಸೆ ನೀಡುವವರೆಗೂ ಪ್ರತಿಭಟನೆ ಮುಂದುವರೆಯಲಿದೆ ಎಂದು ರೈತರು ಪಟ್ಟು ಹಿಡಿದರು. ಸ್ಥಳಕ್ಕೆ ಆಗಮಿಸಿದ ಎಇಇ ಇಂಜಿನಿಯರ್ ಪ್ರಶಾಂತ್ ಕುಮಾರ್ ರೈತರ ಮನವಿ ಸ್ವೀಕರಿಸಿ ಮಾತನಾಡಿ, ಹಗಲು ವೇಳೆ ತ್ರೀ ಫೇಸ್ ಕರೆಂಟ್ ನೀಡಲು ಹಿರಿಯ ಅಧಿಕಾರಿಗಳೊಂದಿಗೆ ಚರ್ಚಿಸಿ ಕ್ರಮ ಕೈಗೊಳ್ಳಲಾಗುವುದು. ಲೈನ್ ಮ್ಯಾನ್ ಗಳ ಕೊರತೆ ನೀಗಿಸಲು ಸೂಕ್ತ ಕ್ರಮ ವಹಿಸಲಾಗುವುದು ಎಂದು ಭರವಸೆ ನೀಡಿದ ನಂತರ ಪ್ರತಿಭಟನೆ ಹಿಂಪಡೆಯಲಾಯಿತು. ಪ್ರತಿಭಟನೆಯಲ್ಲಿ ಬಿಜೆಪಿ ಮುಖಂಡರು, ರೈತ ಸಂಘದ ಪದಾಧಿಕಾರಿಗಳು, ನಿಟ್ಟೂರು ಹೋಬಳಿಯ ಗ್ರಾಮಸ್ಥರು, ಚಿಕ್ಕಣ್ಣ, ರಾಜಣ್ಣ, ಮಂಜುನಾಥ್, ಶಿವಕುಮಾರ್, ಸಿದ್ದರಾಮಣ್ಣ, ದಯಾನಂದ್, ಶಿವಮೂರ್ತಿ, ನಿತ್ಯಾನಂದ ಮೂರ್ತಿ, ಸಿದ್ದಗಂಗಯ್ಯ ಸೇರಿದಂತೆ ನೂರಾರು ಮಂದಿ ರೈತರು ಭಾಗವಹಿಸಿದ್ದರು.
